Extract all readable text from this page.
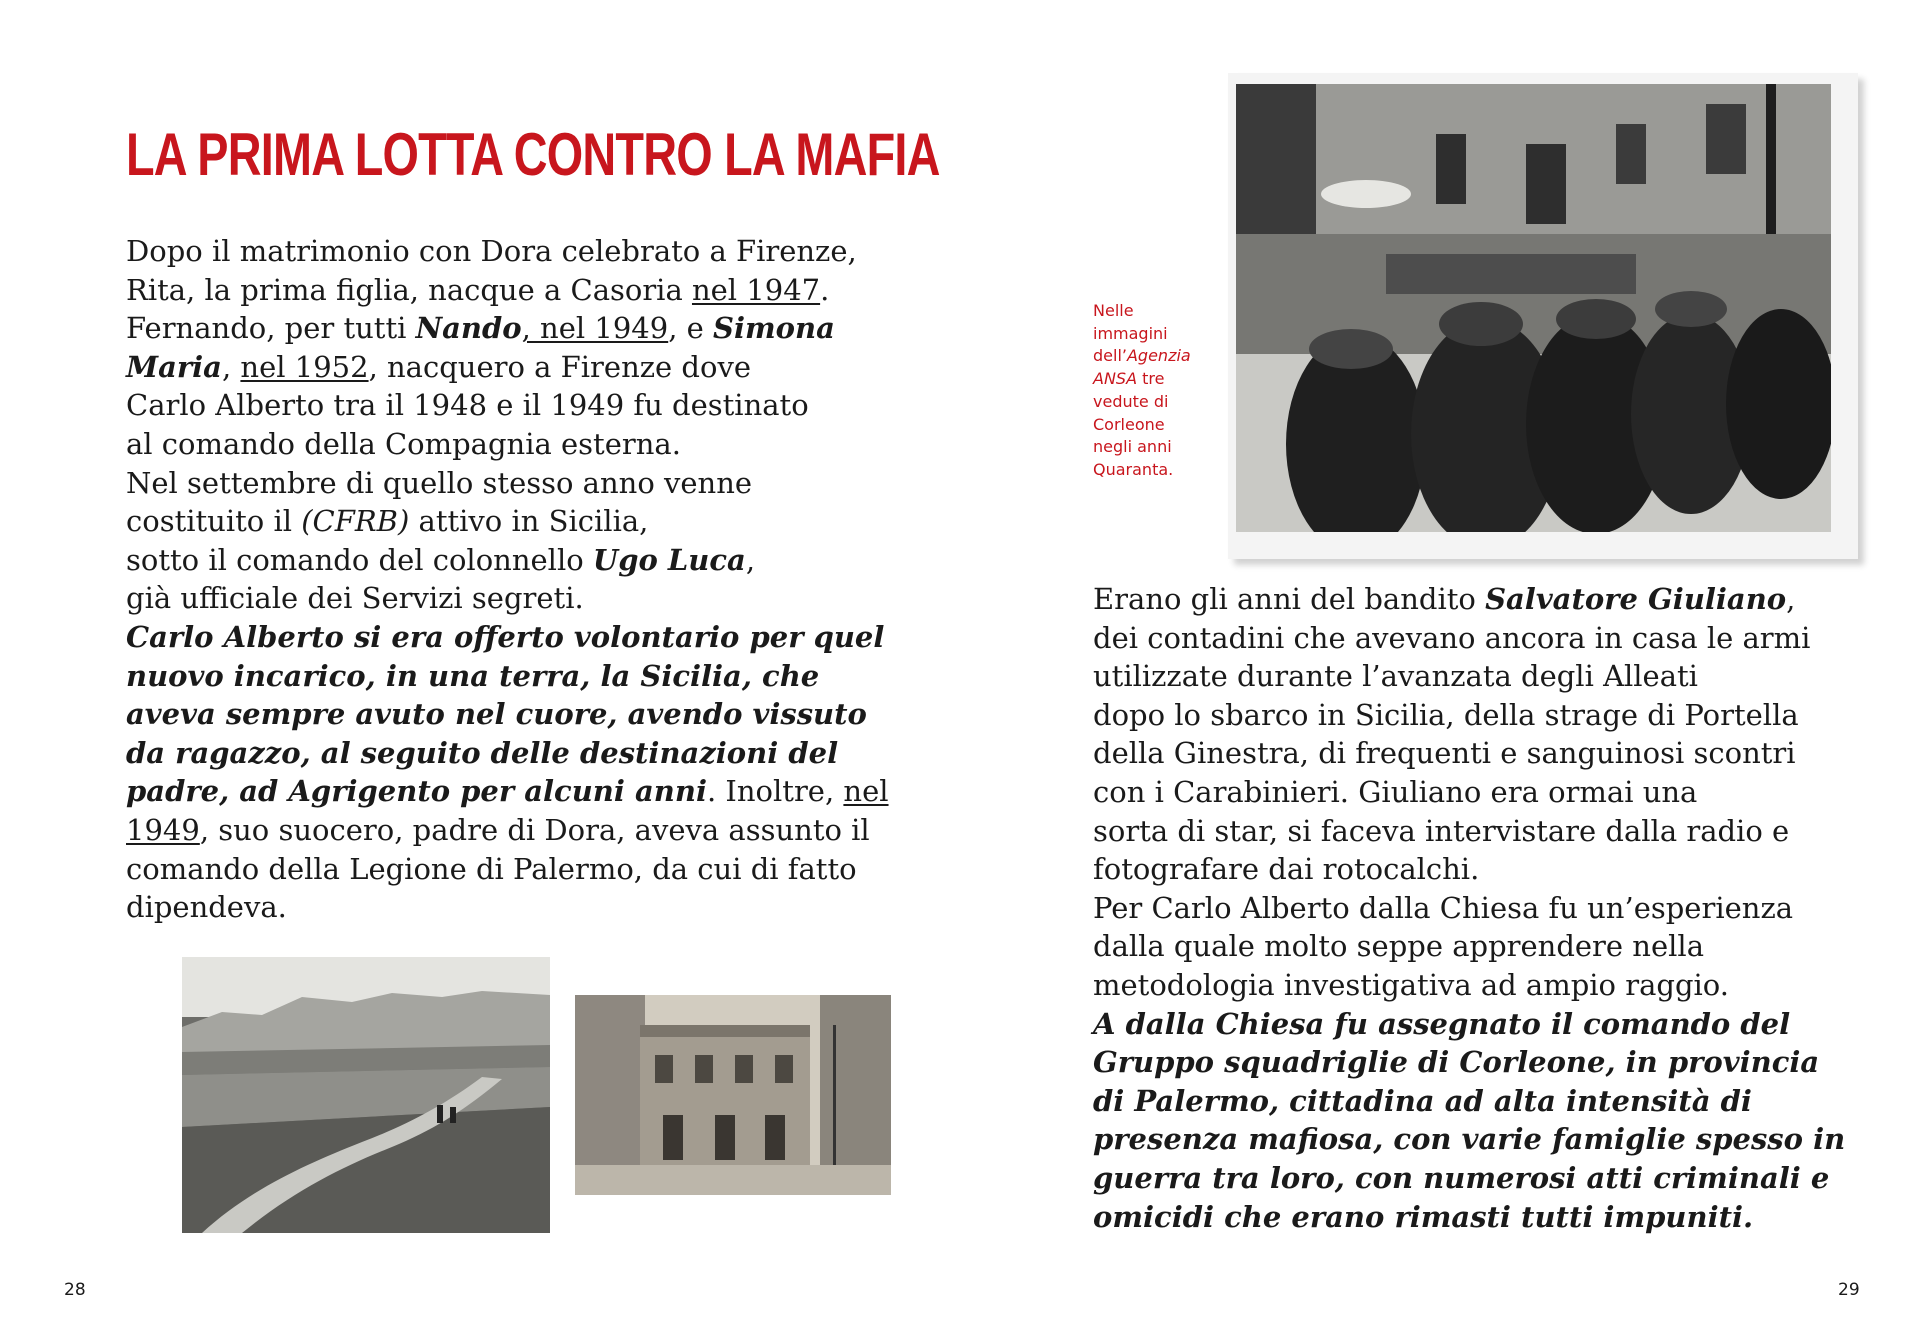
LA PRIMA LOTTA CONTRO LA MAFIA
Dopo il matrimonio con Dora celebrato a Firenze,
Rita, la prima figlia, nacque a Casoria nel 1947.
Fernando, per tutti Nando, nel 1949, e Simona
Maria, nel 1952, nacquero a Firenze dove
Carlo Alberto tra il 1948 e il 1949 fu destinato
al comando della Compagnia esterna.
Nel settembre di quello stesso anno venne
costituito il (CFRB) attivo in Sicilia,
sotto il comando del colonnello Ugo Luca,
già ufficiale dei Servizi segreti.
Carlo Alberto si era offerto volontario per quel
nuovo incarico, in una terra, la Sicilia, che
aveva sempre avuto nel cuore, avendo vissuto
da ragazzo, al seguito delle destinazioni del
padre, ad Agrigento per alcuni anni. Inoltre, nel
1949, suo suocero, padre di Dora, aveva assunto il
comando della Legione di Palermo, da cui di fatto
dipendeva.
Nelle
immagini
dell’Agenzia
ANSA tre
vedute di
Corleone
negli anni
Quaranta.
Erano gli anni del bandito Salvatore Giuliano,
dei contadini che avevano ancora in casa le armi
utilizzate durante l’avanzata degli Alleati
dopo lo sbarco in Sicilia, della strage di Portella
della Ginestra, di frequenti e sanguinosi scontri
con i Carabinieri. Giuliano era ormai una
sorta di star, si faceva intervistare dalla radio e
fotografare dai rotocalchi.
Per Carlo Alberto dalla Chiesa fu un’esperienza
dalla quale molto seppe apprendere nella
metodologia investigativa ad ampio raggio.
A dalla Chiesa fu assegnato il comando del
Gruppo squadriglie di Corleone, in provincia
di Palermo, cittadina ad alta intensità di
presenza mafiosa, con varie famiglie spesso in
guerra tra loro, con numerosi atti criminali e
omicidi che erano rimasti tutti impuniti.

28	29
